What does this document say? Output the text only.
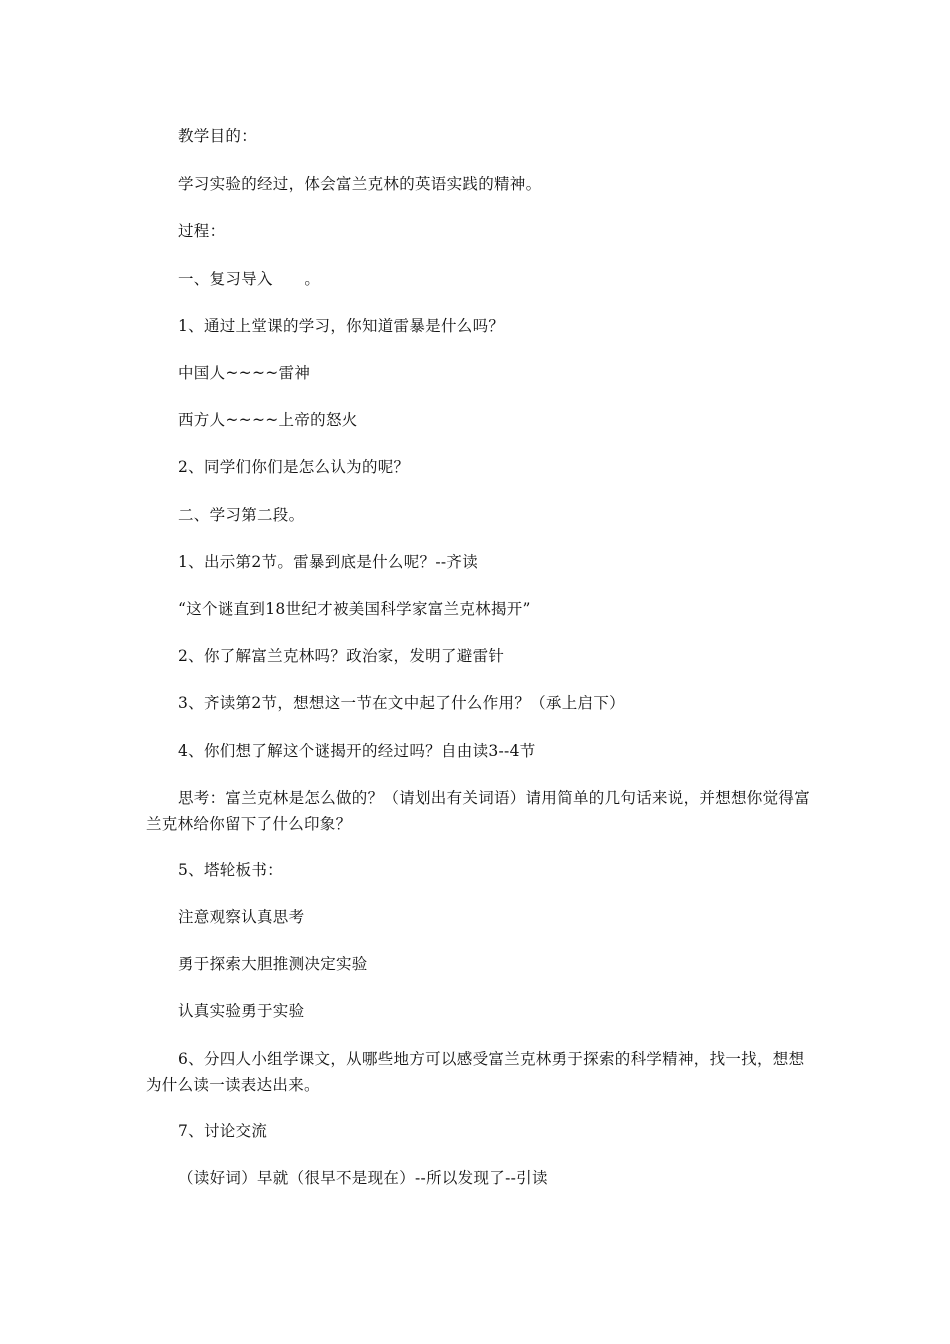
教学目的：

学习实验的经过，体会富兰克林的英语实践的精神。

过程：

一、复习导入　　。

1、通过上堂课的学习，你知道雷暴是什么吗？

中国人~~~~雷神

西方人~~~~上帝的怒火

2、同学们你们是怎么认为的呢？

二、学习第二段。

1、出示第2节。雷暴到底是什么呢？--齐读

“这个谜直到18世纪才被美国科学家富兰克林揭开”

2、你了解富兰克林吗？政治家，发明了避雷针

3、齐读第2节，想想这一节在文中起了什么作用？（承上启下）

4、你们想了解这个谜揭开的经过吗？自由读3--4节

思考：富兰克林是怎么做的？（请划出有关词语）请用简单的几句话来说，并想想你觉得富兰克林给你留下了什么印象？

5、塔轮板书：

注意观察认真思考

勇于探索大胆推测决定实验

认真实验勇于实验

6、分四人小组学课文，从哪些地方可以感受富兰克林勇于探索的科学精神，找一找，想想为什么读一读表达出来。

7、讨论交流

（读好词）早就（很早不是现在）--所以发现了--引读
